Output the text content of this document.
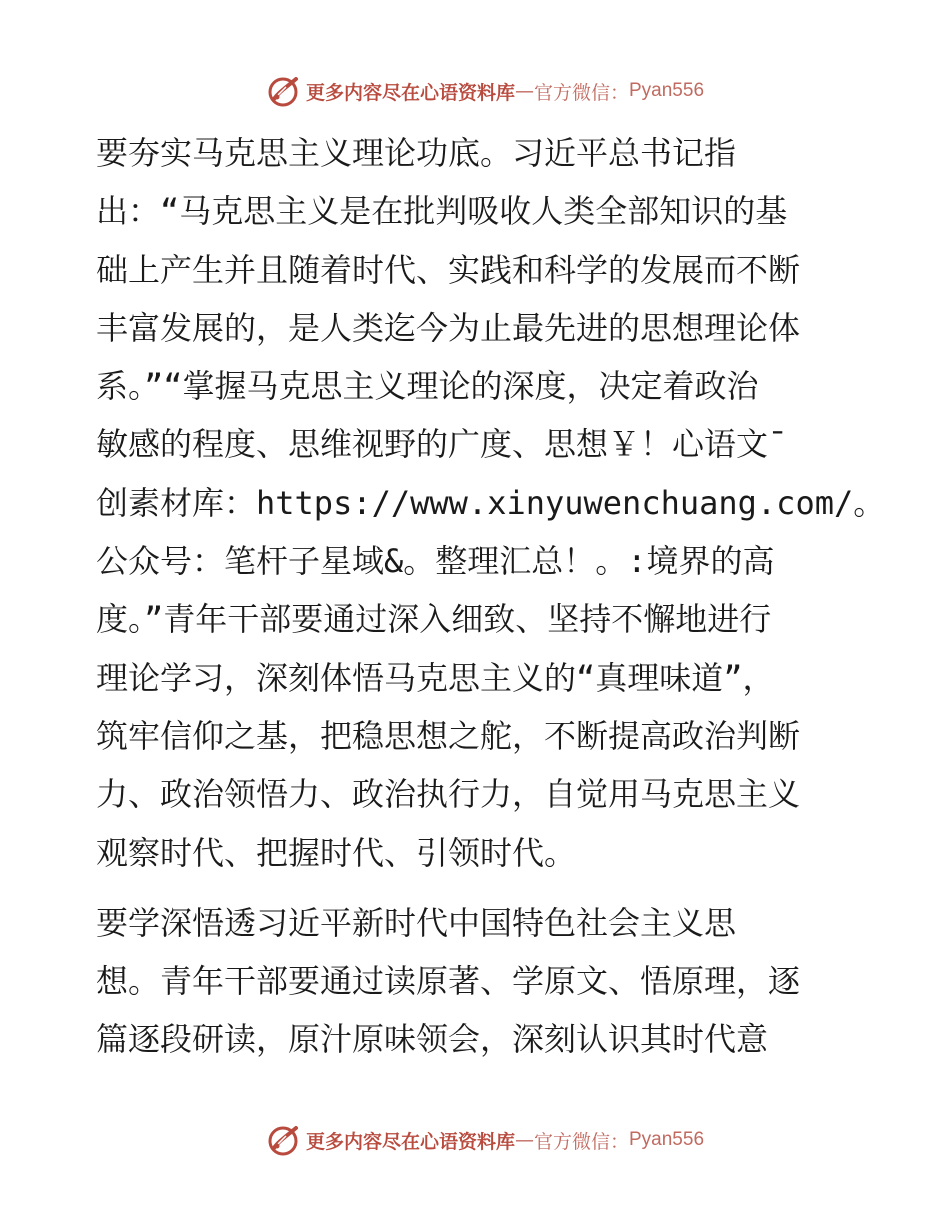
更多内容尽在心语资料库 — 官方微信： Pyan556

要夯实马克思主义理论功底。习近平总书记指
出：“马克思主义是在批判吸收人类全部知识的基
础上产生并且随着时代、实践和科学的发展而不断
丰富发展的，是人类迄今为止最先进的思想理论体
系。”“掌握马克思主义理论的深度，决定着政治
敏感的程度、思维视野的广度、思想￥！心语文¯
创素材库：https://www.xinyuwenchuang.com/。
公众号：笔杆子星域&。整理汇总！。:境界的高
度。”青年干部要通过深入细致、坚持不懈地进行
理论学习，深刻体悟马克思主义的“真理味道”，
筑牢信仰之基，把稳思想之舵，不断提高政治判断
力、政治领悟力、政治执行力，自觉用马克思主义
观察时代、把握时代、引领时代。

要学深悟透习近平新时代中国特色社会主义思
想。青年干部要通过读原著、学原文、悟原理，逐
篇逐段研读，原汁原味领会，深刻认识其时代意

更多内容尽在心语资料库 — 官方微信： Pyan556
